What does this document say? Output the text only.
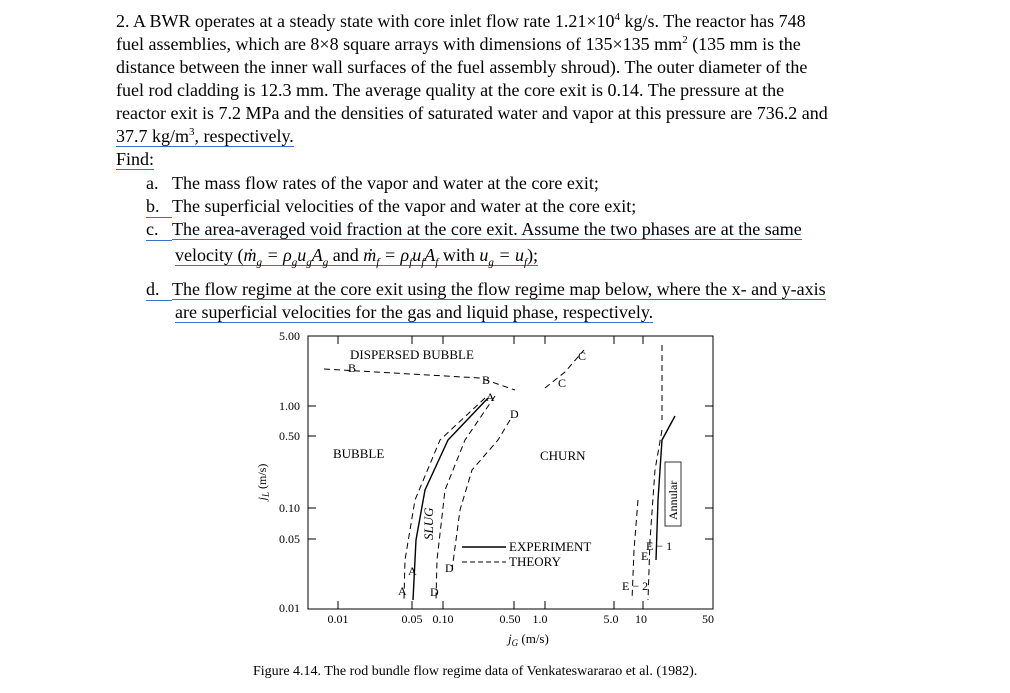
2. A BWR operates at a steady state with core inlet flow rate $1.21\times 10^4$ kg/s. The reactor has 748
fuel assemblies, which are 8×8 square arrays with dimensions of 135×135 $mm^2$ (135 mm is the
distance between the inner wall surfaces of the fuel assembly shroud). The outer diameter of the
fuel rod cladding is 12.3 mm. The average quality at the core exit is 0.14. The pressure at the
reactor exit is 7.2 MPa and the densities of saturated water and vapor at this pressure are 736.2 and
37.7 $kg/m^3$, respectively.
Find:
a. The mass flow rates of the vapor and water at the core exit;
b. The superficial velocities of the vapor and water at the core exit;
c. The area-averaged void fraction at the core exit. Assume the two phases are at the same
velocity (ṁ$_g$ = $\rho_gu_gA_g$ and ṁ$_f$ = $\rho_fu_fA_f$ with $u_g = u_f$);
d. The flow regime at the core exit using the flow regime map below, where the x- and y-axis
are superficial velocities for the gas and liquid phase, respectively.
5.00
1.00
0.50
0.10
0.05
0.01
0.01	0.05 0.10	0.50 1.0	5.0 10	50
$j_G$ (m/s)
$j_L$ (m/s)
DISPERSED BUBBLE
BUBBLE	CHURN
SLUG
Annular
B
B
A
C
C
D
A D
A D
E
E − 1
E − 2
EXPERIMENT
THEORY
Figure 4.14. The rod bundle flow regime data of Venkateswararao et al. (1982).
